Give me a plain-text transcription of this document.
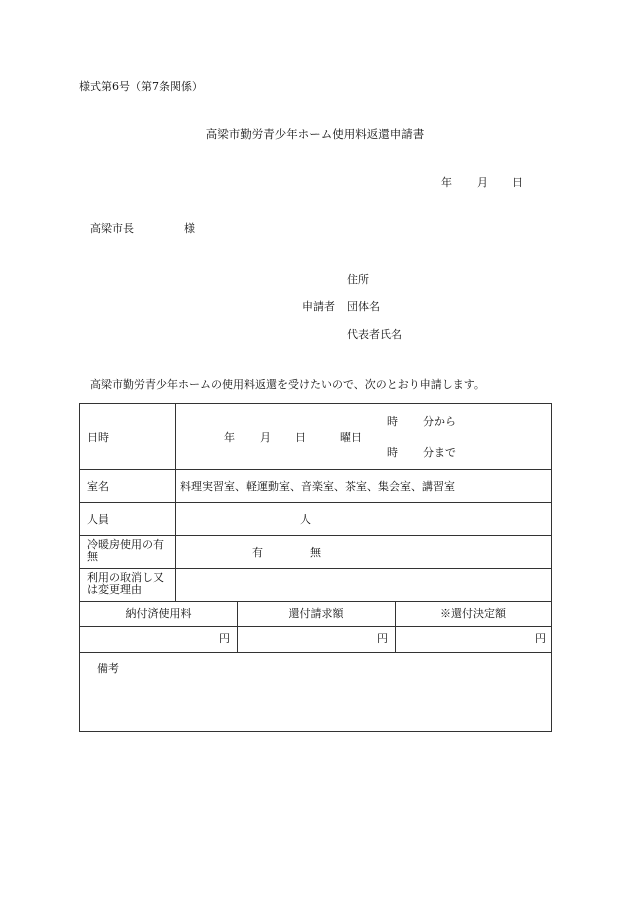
様式第6号（第7条関係）
高梁市勤労青少年ホーム使用料返還申請書
年 月 日
高梁市長	様
住所
申請者 団体名
代表者氏名
高梁市勤労青少年ホームの使用料返還を受けたいので、次のとおり申請します。
日時	年 月 日	曜日
時 分から
時 分まで
室名	料理実習室、軽運動室、音楽室、茶室、集会室、講習室
人員	人
冷暖房使用の有無	有	無
利用の取消し又は変更理由
納付済使用料	還付請求額	※還付決定額
円	円	円
備考
